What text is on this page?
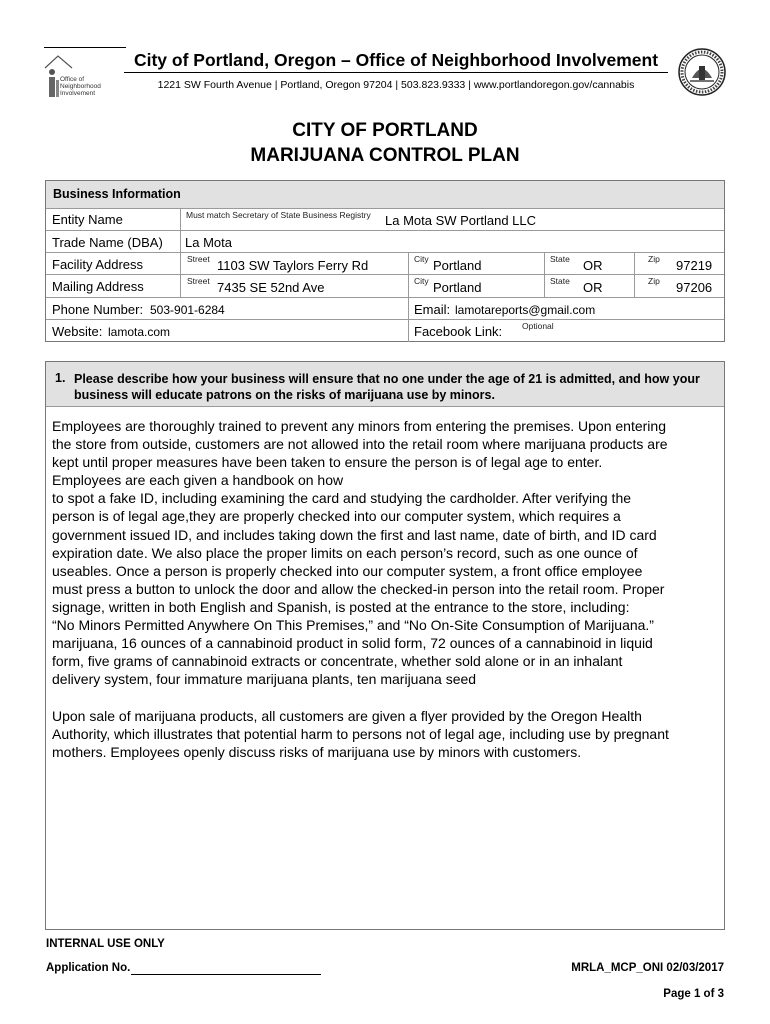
Office of
Neighborhood
Involvement
City of Portland, Oregon – Office of Neighborhood Involvement
1221 SW Fourth Avenue | Portland, Oregon 97204 | 503.823.9333 | www.portlandoregon.gov/cannabis
CITY OF PORTLAND
MARIJUANA CONTROL PLAN
Business Information
Entity Name	Must match Secretary of State Business Registry La Mota SW Portland LLC
Trade Name (DBA) La Mota
Facility Address	Street 1103 SW Taylors Ferry Rd	City Portland	State OR	Zip 97219
Mailing Address	Street 7435 SE 52nd Ave	City Portland	State OR	Zip 97206
Phone Number: 503-901-6284	Email: lamotareports@gmail.com
Website: lamota.com	Facebook Link: Optional
1. Please describe how your business will ensure that no one under the age of 21 is admitted, and how your business will educate patrons on the risks of marijuana use by minors.
Employees are thoroughly trained to prevent any minors from entering the premises. Upon entering
the store from outside, customers are not allowed into the retail room where marijuana products are
kept until proper measures have been taken to ensure the person is of legal age to enter.
Employees are each given a handbook on how
to spot a fake ID, including examining the card and studying the cardholder. After verifying the
person is of legal age,they are properly checked into our computer system, which requires a
government issued ID, and includes taking down the first and last name, date of birth, and ID card
expiration date. We also place the proper limits on each person’s record, such as one ounce of
useables. Once a person is properly checked into our computer system, a front office employee
must press a button to unlock the door and allow the checked-in person into the retail room. Proper
signage, written in both English and Spanish, is posted at the entrance to the store, including:
“No Minors Permitted Anywhere On This Premises,” and “No On-Site Consumption of Marijuana.”
marijuana, 16 ounces of a cannabinoid product in solid form, 72 ounces of a cannabinoid in liquid
form, five grams of cannabinoid extracts or concentrate, whether sold alone or in an inhalant
delivery system, four immature marijuana plants, ten marijuana seed

Upon sale of marijuana products, all customers are given a flyer provided by the Oregon Health
Authority, which illustrates that potential harm to persons not of legal age, including use by pregnant
mothers. Employees openly discuss risks of marijuana use by minors with customers.
INTERNAL USE ONLY
Application No.	MRLA_MCP_ONI 02/03/2017
Page 1 of 3
